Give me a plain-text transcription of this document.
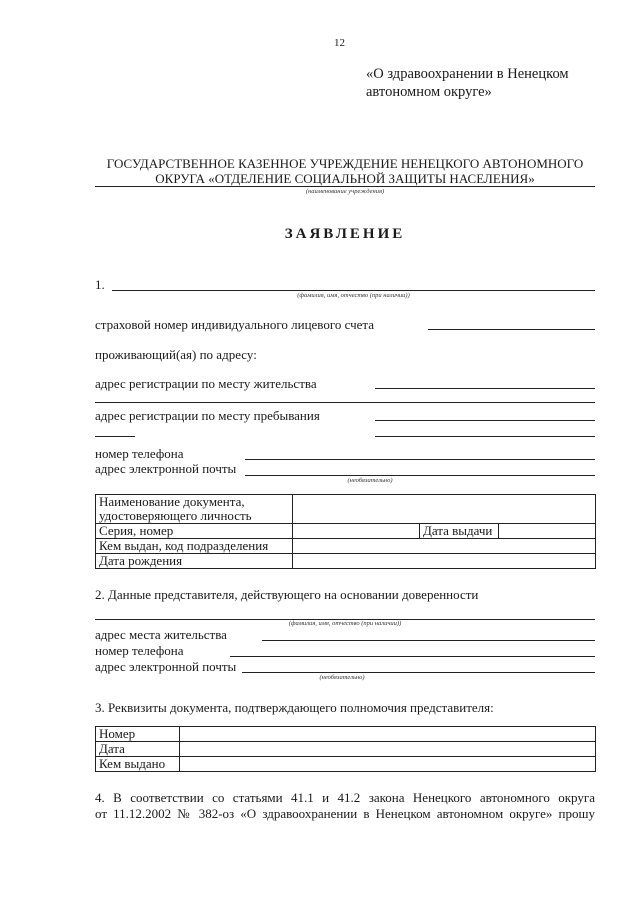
12
«О здравоохранении в Ненецком
автономном округе»
ГОСУДАРСТВЕННОЕ КАЗЕННОЕ УЧРЕЖДЕНИЕ НЕНЕЦКОГО АВТОНОМНОГО
ОКРУГА «ОТДЕЛЕНИЕ СОЦИАЛЬНОЙ ЗАЩИТЫ НАСЕЛЕНИЯ»
(наименование учреждения)
ЗАЯВЛЕНИЕ
1.
(фамилия, имя, отчество (при наличии))
страховой номер индивидуального лицевого счета
проживающий(ая) по адресу:
адрес регистрации по месту жительства
адрес регистрации по месту пребывания
номер телефона
адрес электронной почты
(необязательно)
Наименование документа,
удостоверяющего личность			
Серия, номер		Дата выдачи	
Кем выдан, код подразделения			
Дата рождения			
2. Данные представителя, действующего на основании доверенности
(фамилия, имя, отчество (при наличии))
адрес места жительства
номер телефона
адрес электронной почты
(необязательно)
3. Реквизиты документа, подтверждающего полномочия представителя:
Номер	
Дата	
Кем выдано	
4. В соответствии со статьями 41.1 и 41.2 закона Ненецкого автономного округа
от 11.12.2002 № 382-оз «О здравоохранении в Ненецком автономном округе» прошу
